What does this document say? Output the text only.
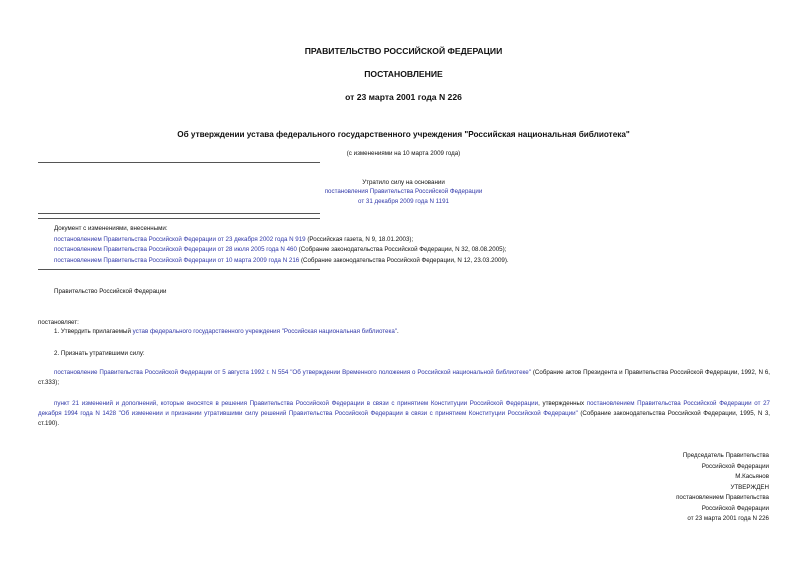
ПРАВИТЕЛЬСТВО РОССИЙСКОЙ ФЕДЕРАЦИИ
ПОСТАНОВЛЕНИЕ
от 23 марта 2001 года N 226
Об утверждении устава федерального государственного учреждения "Российская национальная библиотека"
(с изменениями на 10 марта 2009 года)
Утратило силу на основании
постановления Правительства Российской Федерации
от 31 декабря 2009 года N 1191
Документ с изменениями, внесенными:
постановлением Правительства Российской Федерации от 23 декабря 2002 года N 919 (Российская газета, N 9, 18.01.2003);
постановлением Правительства Российской Федерации от 28 июля 2005 года N 460 (Собрание законодательства Российской Федерации, N 32, 08.08.2005);
постановлением Правительства Российской Федерации от 10 марта 2009 года N 216 (Собрание законодательства Российской Федерации, N 12, 23.03.2009).
Правительство Российской Федерации
постановляет:
1. Утвердить прилагаемый устав федерального государственного учреждения "Российская национальная библиотека".
2. Признать утратившими силу:
постановление Правительства Российской Федерации от 5 августа 1992 г. N 554 "Об утверждении Временного положения о Российской национальной библиотеке" (Собрание актов Президента и Правительства Российской Федерации, 1992, N 6, ст.333);
пункт 21 изменений и дополнений, которые вносятся в решения Правительства Российской Федерации в связи с принятием Конституции Российской Федерации, утвержденных постановлением Правительства Российской Федерации от 27 декабря 1994 года N 1428 "Об изменении и признании утратившими силу решений Правительства Российской Федерации в связи с принятием Конституции Российской Федерации" (Собрание законодательства Российской Федерации, 1995, N 3, ст.190).
Председатель Правительства
Российской Федерации
М.Касьянов
УТВЕРЖДЕН
постановлением Правительства
Российской Федерации
от 23 марта 2001 года N 226
